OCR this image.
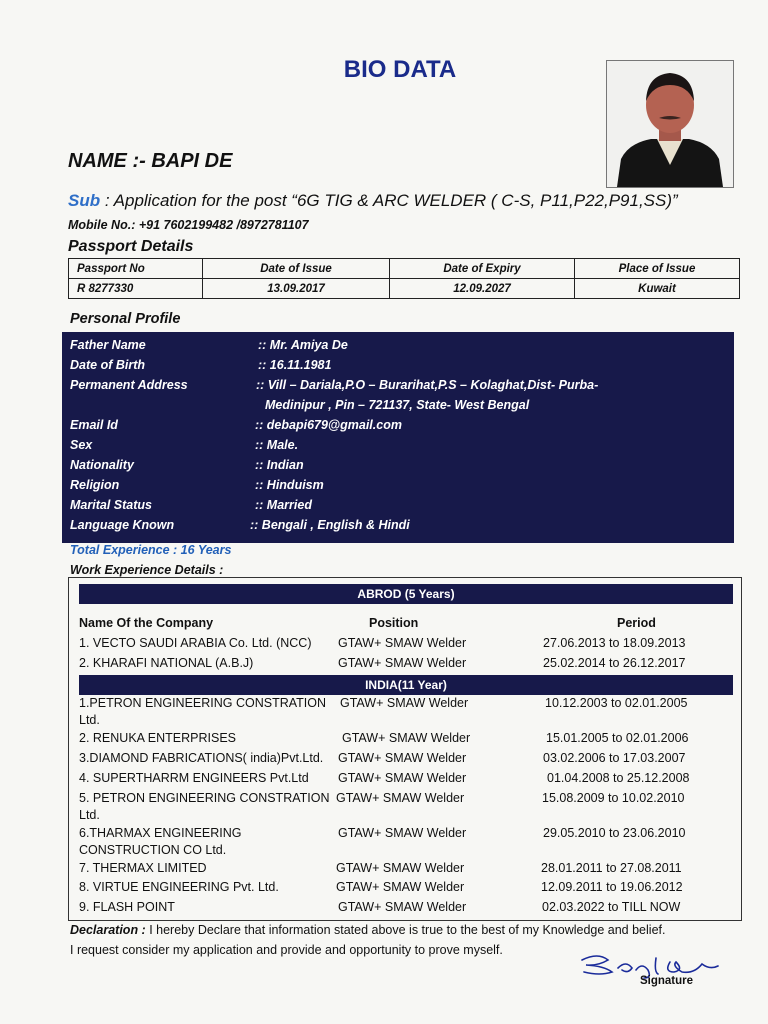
BIO DATA
NAME :- BAPI DE
Sub : Application for the post “6G TIG & ARC WELDER ( C-S, P11,P22,P91,SS)”
Mobile No.: +91 7602199482 /8972781107
Passport Details
Passport No	Date of Issue	Date of Expiry	Place of Issue
R 8277330	13.09.2017	12.09.2027	Kuwait
Personal Profile
Father Name	:: Mr. Amiya De
Date of Birth	:: 16.11.1981
Permanent Address	:: Vill – Dariala,P.O – Burarihat,P.S – Kolaghat,Dist- Purba-
Medinipur , Pin – 721137, State- West Bengal
Email Id	:: debapi679@gmail.com
Sex	:: Male.
Nationality	:: Indian
Religion	:: Hinduism
Marital Status	:: Married
Language Known	:: Bengali , English & Hindi
Total Experience : 16 Years
Work Experience Details :
ABROD (5 Years)
Name Of the Company	Position	Period
1. VECTO SAUDI ARABIA Co. Ltd. (NCC) GTAW+ SMAW Welder	27.06.2013 to 18.09.2013
2. KHARAFI NATIONAL (A.B.J)	GTAW+ SMAW Welder	25.02.2014 to 26.12.2017
INDIA(11 Year)
1.PETRON ENGINEERING CONSTRATION
Ltd.
GTAW+ SMAW Welder	10.12.2003 to 02.01.2005
2. RENUKA ENTERPRISES	GTAW+ SMAW Welder	15.01.2005 to 02.01.2006
3.DIAMOND FABRICATIONS( india)Pvt.Ltd. GTAW+ SMAW Welder	03.02.2006 to 17.03.2007
4. SUPERTHARRM ENGINEERS Pvt.Ltd GTAW+ SMAW Welder	01.04.2008 to 25.12.2008
5. PETRON ENGINEERING CONSTRATION
Ltd.
GTAW+ SMAW Welder	15.08.2009 to 10.02.2010
6.THARMAX ENGINEERING
CONSTRUCTION CO Ltd.
GTAW+ SMAW Welder	29.05.2010 to 23.06.2010
7. THERMAX LIMITED	GTAW+ SMAW Welder	28.01.2011 to 27.08.2011
8. VIRTUE ENGINEERING Pvt. Ltd.	GTAW+ SMAW Welder	12.09.2011 to 19.06.2012
9. FLASH POINT	GTAW+ SMAW Welder	02.03.2022 to TILL NOW
Declaration : I hereby Declare that information stated above is true to the best of my Knowledge and belief.
I request consider my application and provide and opportunity to prove myself.
Signature
